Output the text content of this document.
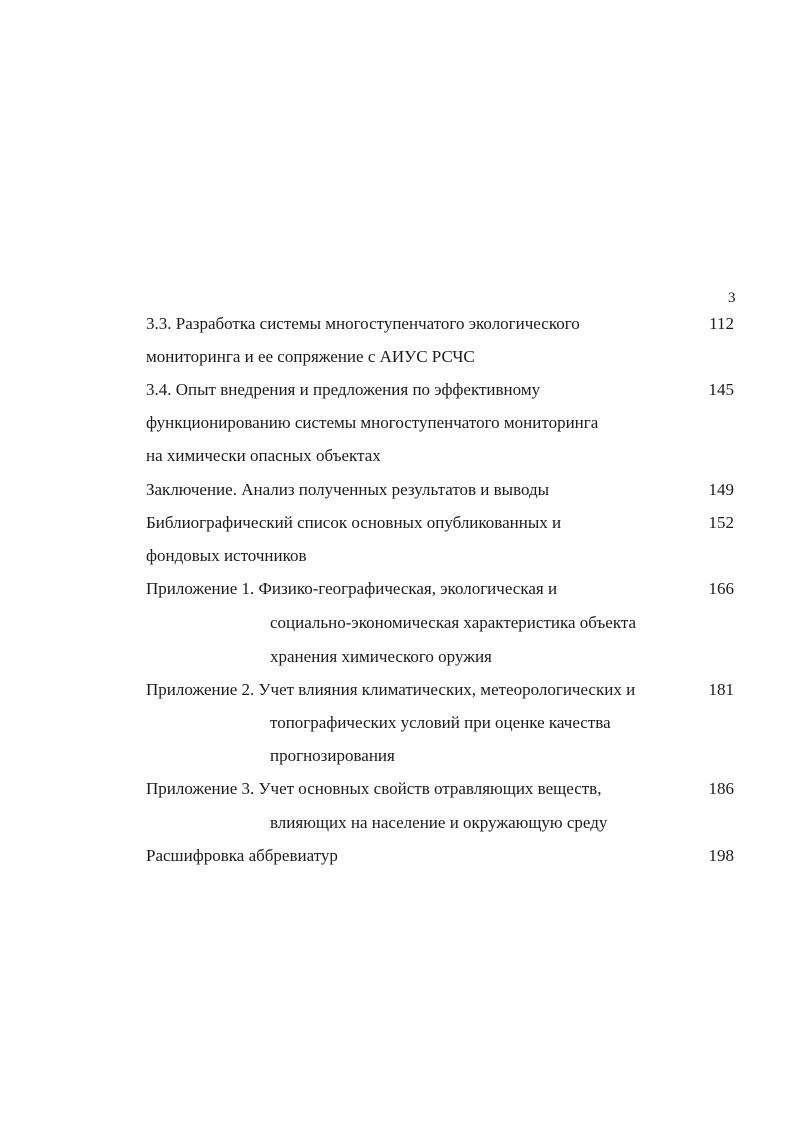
3
3.3. Разработка системы многоступенчатого экологического	112
мониторинга и ее сопряжение с АИУС РСЧС
3.4. Опыт внедрения и предложения по эффективному	145
функционированию системы многоступенчатого мониторинга
на химически опасных объектах
Заключение. Анализ полученных результатов и выводы	149
Библиографический список основных опубликованных и	152
фондовых источников
Приложение 1. Физико-географическая, экологическая и	166
социально-экономическая характеристика объекта
хранения химического оружия
Приложение 2. Учет влияния климатических, метеорологических и	181
топографических условий при оценке качества
прогнозирования
Приложение 3. Учет основных свойств отравляющих веществ,	186
влияющих на население и окружающую среду
Расшифровка аббревиатур	198
